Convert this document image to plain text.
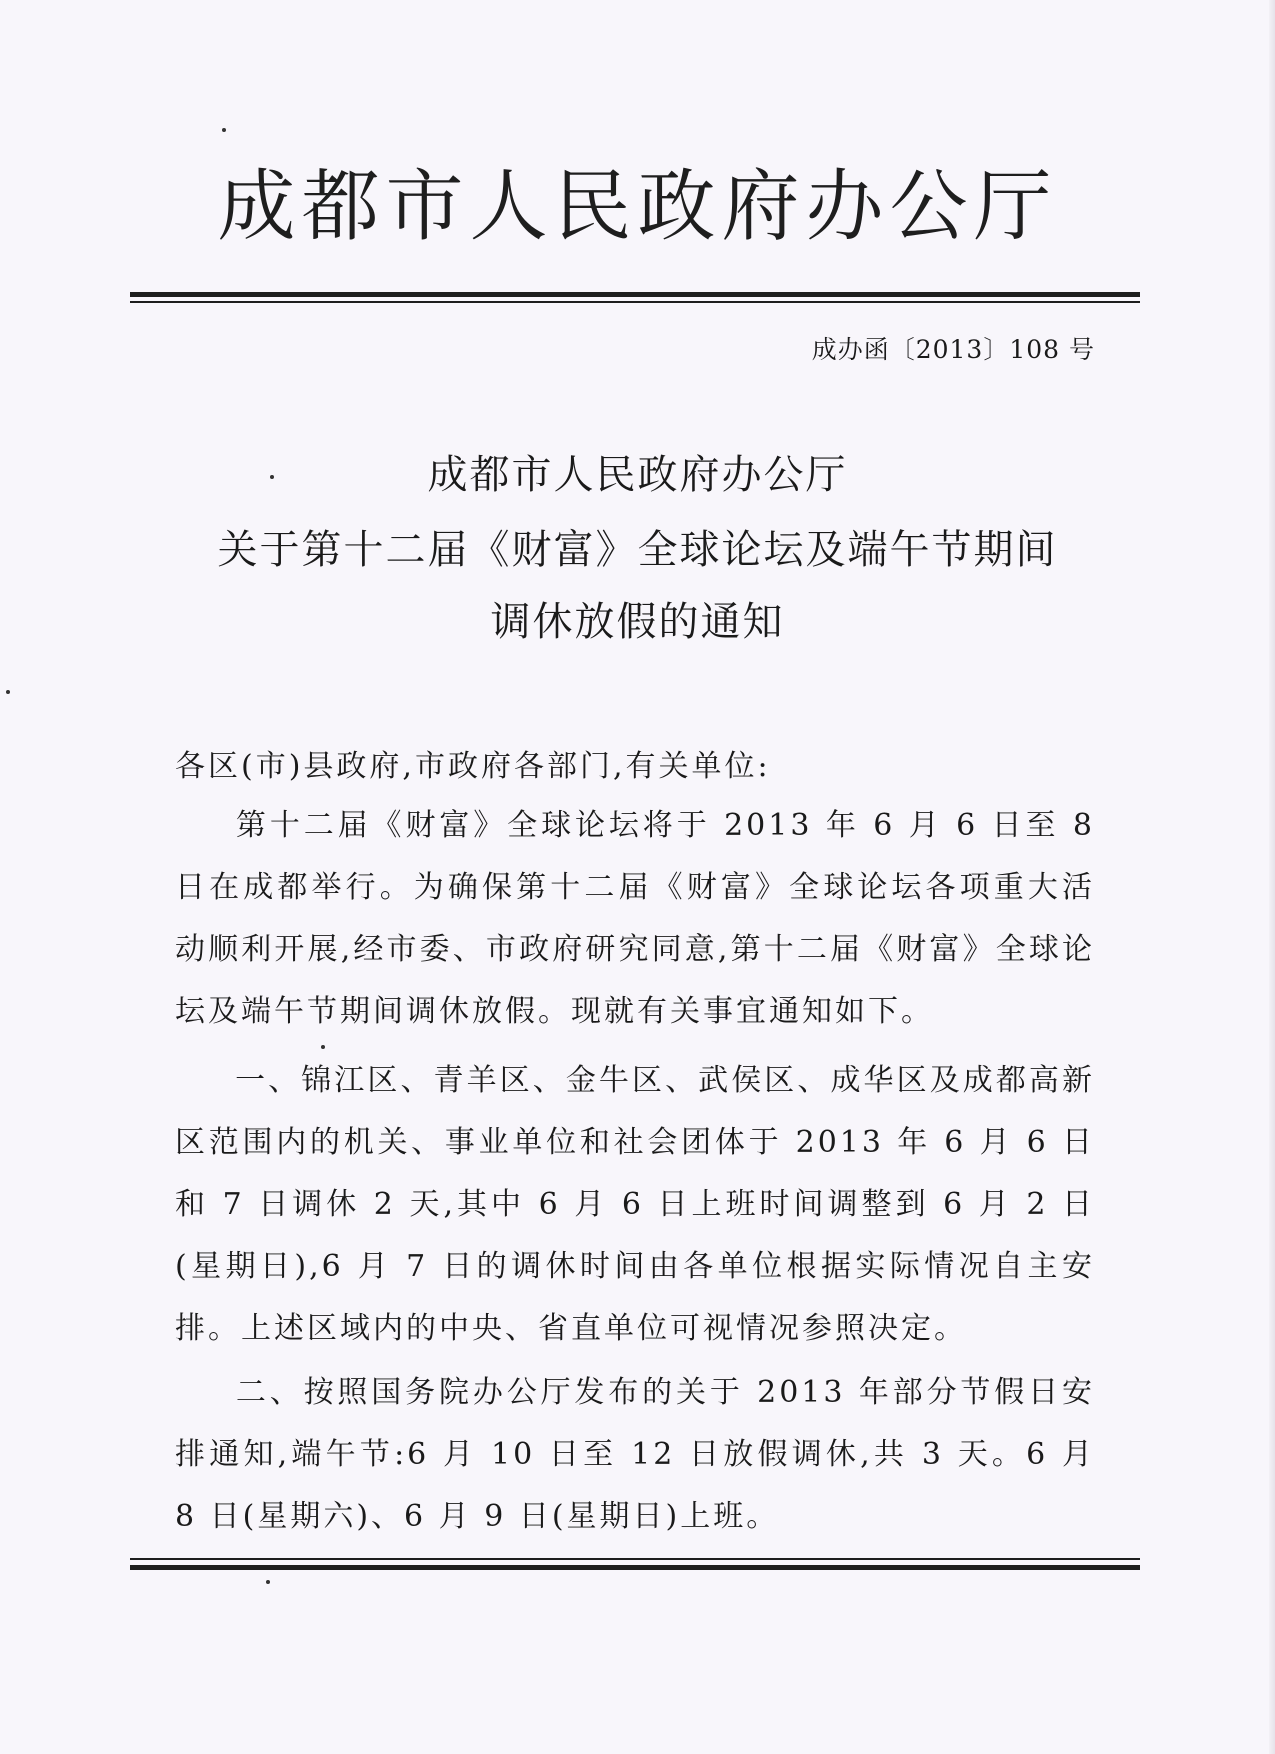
成都市人民政府办公厅
成办函〔2013〕108 号
成都市人民政府办公厅
关于第十二届《财富》全球论坛及端午节期间
调休放假的通知
各区(市)县政府,市政府各部门,有关单位:
第十二届《财富》全球论坛将于 2013 年 6 月 6 日至 8 日在成都举行。为确保第十二届《财富》全球论坛各项重大活动顺利开展,经市委、市政府研究同意,第十二届《财富》全球论坛及端午节期间调休放假。现就有关事宜通知如下。
一、锦江区、青羊区、金牛区、武侯区、成华区及成都高新区范围内的机关、事业单位和社会团体于 2013 年 6 月 6 日和 7 日调休 2 天,其中 6 月 6 日上班时间调整到 6 月 2 日(星期日),6 月 7 日的调休时间由各单位根据实际情况自主安排。上述区域内的中央、省直单位可视情况参照决定。
二、按照国务院办公厅发布的关于 2013 年部分节假日安排通知,端午节:6 月 10 日至 12 日放假调休,共 3 天。6 月 8 日(星期六)、6 月 9 日(星期日)上班。
